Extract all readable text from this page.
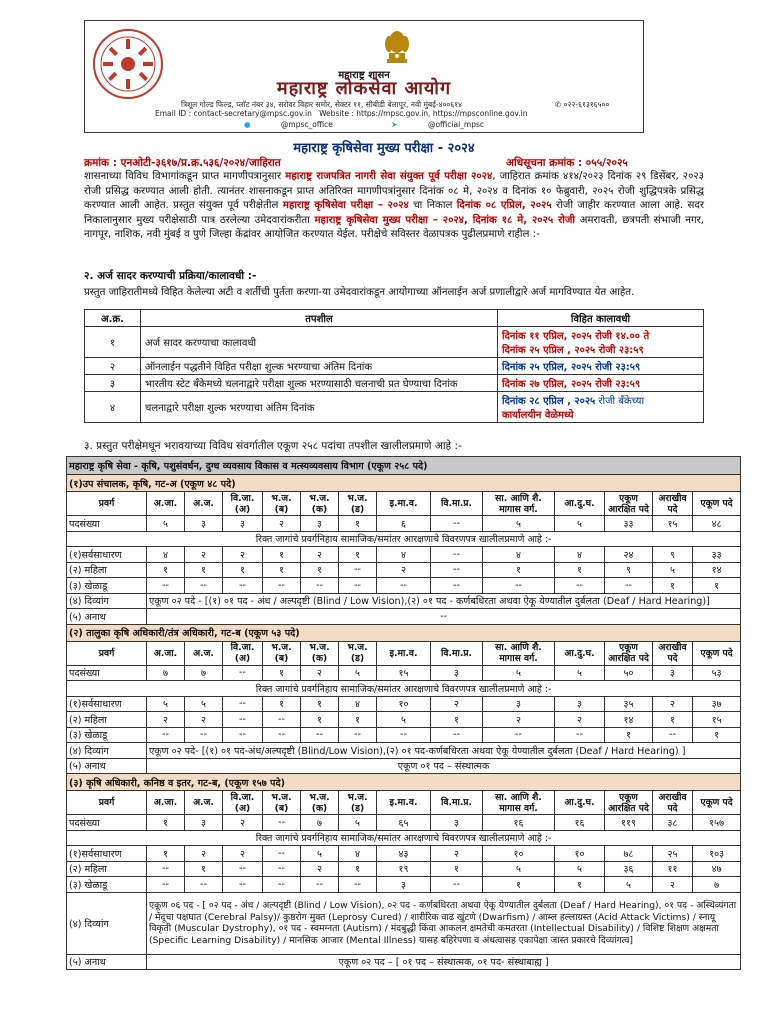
महाराष्ट्र शासन
महाराष्ट्र लोकसेवा आयोग
त्रिशूल गोल्ड फिल्ड, प्लॉट नंबर ३४, सरोवर विहार समोर, सेक्टर ११, सीबीडी बेलापूर, नवी मुंबई-४००६१४	✆ ०२२-६१३१६५००
Email ID : contact-secretary@mpsc.gov.in Website : https://mpsc.gov.in, https://mpsconline.gov.in
●	@mpsc_office	➤	@official_mpsc
महाराष्ट्र कृषिसेवा मुख्य परीक्षा - २०२४
क्रमांक : एनओटी-३६१७/प्र.क्र.५३६/२०२४/जाहिरात	अधिसूचना क्रमांक : ०५५/२०२५
शासनाच्या विविध विभागांकडून प्राप्त मागणीपत्रानुसार महाराष्ट्र राजपत्रित नागरी सेवा संयुक्त पूर्व परीक्षा २०२४, जाहिरात क्रमांक ४१४/२०२३ दिनांक २९ डिसेंबर, २०२३ रोजी प्रसिद्ध करण्यात आली होती. त्यानंतर शासनाकडून प्राप्त अतिरिक्त मागणीपत्रांनुसार दिनांक ०८ मे, २०२४ व दिनांक १० फेब्रुवारी, २०२५ रोजी शुद्धिपत्रके प्रसिद्ध करण्यात आली आहेत. प्रस्तुत संयुक्त पूर्व परीक्षेतील महाराष्ट्र कृषिसेवा परीक्षा – २०२४ चा निकाल दिनांक ०८ एप्रिल, २०२५ रोजी जाहीर करण्यात आला आहे. सदर निकालानुसार मुख्य परीक्षेसाठी पात्र ठरलेल्या उमेदवारांकरीता महाराष्ट्र कृषिसेवा मुख्य परीक्षा – २०२४, दिनांक १८ मे, २०२५ रोजी अमरावती, छत्रपती संभाजी नगर, नागपूर, नाशिक, नवी मुंबई व पुणे जिल्हा केंद्रांवर आयोजित करण्यात येईल. परीक्षेचे सविस्तर वेळापत्रक पुढीलप्रमाणे राहील :-
२. अर्ज सादर करण्याची प्रक्रिया/कालावधी :-
प्रस्तुत जाहिरातीमध्ये विहित केलेल्या अटी व शर्तीची पुर्तता करणा-या उमेदवारांकडून आयोगाच्या ऑनलाईन अर्ज प्रणालीद्वारे अर्ज मागविण्यात येत आहेत.
अ.क्र.	तपशील	विहित कालावधी
१	अर्ज सादर करण्याचा कालावधी	दिनांक ११ एप्रिल, २०२५ रोजी १४.०० ते
दिनांक २५ एप्रिल , २०२५ रोजी २३:५९

२	ऑनलाईन पद्धतीने विहित परीक्षा शुल्क भरण्याचा अंतिम दिनांक	दिनांक २५ एप्रिल, २०२५ रोजी २३:५९
३	भारतीय स्टेट बँकेमध्ये चलनाद्वारे परीक्षा शुल्क भरण्यासाठी चलनाची प्रत घेण्याचा दिनांक	दिनांक २७ एप्रिल, २०२५ रोजी २३:५९
४	चलनाद्वारे परीक्षा शुल्क भरण्याचा अंतिम दिनांक	दिनांक २८ एप्रिल , २०२५ रोजी बँकेच्या
कार्यालयीन वेळेमध्ये
३. प्रस्तुत परीक्षेमधून भरावयाच्या विविध संवर्गातील एकूण २५८ पदांचा तपशील खालीलप्रमाणे आहे :-
महाराष्ट्र कृषि सेवा - कृषि, पशुसंवर्धन, दुग्ध व्यवसाय विकास व मत्स्यव्यवसाय विभाग (एकूण २५८ पदे)													
(१)उप संचालक, कृषि, गट-अ (एकूण ४८ पदे)													
प्रवर्ग	अ.जा.	अ.ज.	वि.जा. (अ)	भ.ज. (ब)	भ.ज. (क)	भ.ज. (ड)	इ.मा.व.	वि.मा.प्र.	सा. आणि शै. मागास वर्ग.	आ.दु.घ.	एकूण आरक्षित पदे	अराखीव पदे	एकूण पदे
पदसंख्या	५	३	३	२	३	१	६	--	५	५	३३	१५	४८
रिक्त जागांचे प्रवर्गनिहाय सामाजिक/समांतर आरक्षणाचे विवरणपत्र खालीलप्रमाणे आहे :-													
(१)सर्वसाधारण	४	२	२	१	२	१	४	--	४	४	२४	९	३३
(२) महिला	१	१	१	१	१	--	२	--	१	१	९	५	१४
(३) खेळाडू	--	--	--	--	--	--	--	--	--	--	--	१	१
(४) दिव्यांग	एकूण ०२ पदे - [(१) ०१ पद - अंध / अल्पदृष्टी (Blind / Low Vision),(२) ०१ पद - कर्णबधिरता अथवा ऐकू येण्यातील दुर्बलता (Deaf / Hard Hearing)]												
(५) अनाथ	--												
(२) तालुका कृषि अधिकारी/तंत्र अधिकारी, गट-ब (एकूण ५३ पदे)													
प्रवर्ग	अ.जा.	अ.ज.	वि.जा. (अ)	भ.ज. (ब)	भ.ज. (क)	भ.ज. (ड)	इ.मा.व.	वि.मा.प्र.	सा. आणि शै. मागास वर्ग.	आ.दु.घ.	एकूण आरक्षित पदे	अराखीव पदे	एकूण पदे
पदसंख्या	७	७	--	१	२	५	१५	३	५	५	५०	३	५३
रिक्त जागांचे प्रवर्गनिहाय सामाजिक/समांतर आरक्षणाचे विवरणपत्र खालीलप्रमाणे आहे :-													
(१)सर्वसाधारण	५	५	--	१	१	४	१०	२	३	३	३५	२	३७
(२) महिला	२	२	--	--	१	१	५	१	२	२	१४	१	१५
(३) खेळाडू	--	--	--	--	--	--	--	--	--	--	१	--	१
(४) दिव्यांग	एकूण ०२ पदे- [(१) ०१ पद-अंध/अल्पदृष्टी (Blind/Low Vision),(२) ०१ पद-कर्णबधिरता अथवा ऐकू येण्यातील दुर्बलता (Deaf / Hard Hearing) ]												
(५) अनाथ	एकूण ०१ पद – संस्थात्मक												
(३) कृषि अधिकारी, कनिष्ठ व इतर, गट-ब, (एकूण १५७ पदे)													
प्रवर्ग	अ.जा.	अ.ज.	वि.जा. (अ)	भ.ज. (ब)	भ.ज. (क)	भ.ज. (ड)	इ.मा.व.	वि.मा.प्र.	सा. आणि शै. मागास वर्ग.	आ.दु.घ.	एकूण आरक्षित पदे	अराखीव पदे	एकूण पदे
पदसंख्या	१	३	२	--	७	५	६५	३	१६	१६	११९	३८	१५७
रिक्त जागांचे प्रवर्गनिहाय सामाजिक/समांतर आरक्षणाचे विवरणपत्र खालीलप्रमाणे आहे :-													
(१)सर्वसाधारण	१	२	२	--	५	४	४३	२	१०	१०	७८	२५	१०३
(२) महिला	--	१	--	--	२	१	१९	१	५	५	३६	११	४७
(३) खेळाडू	--	--	--	--	--	--	३	--	१	१	५	२	७
(४) दिव्यांग	एकूण ०६ पद - [ ०२ पद - अंध / अल्पदृष्टी (Blind / Low Vision), ०२ पद - कर्णबधिरता अथवा ऐकू येण्यातील दुर्बलता (Deaf / Hard Hearing), ०१ पद - अस्थिव्यंगता / मेंदूचा पक्षघात (Cerebral Palsy)/ कुष्ठरोग मुक्त (Leprosy Cured) / शारीरिक वाढ खुंटणे (Dwarfism) / आम्ल हल्लाग्रस्त (Acid Attack Victims) / स्नायू विकृती (Muscular Dystrophy), ०१ पद - स्वमग्नता (Autism) / मंदबुद्धी किंवा आकलन क्षमतेची कमतरता (Intellectual Disability) / विशिष्ट शिक्षण अक्षमता (Specific Learning Disability) / मानसिक आजार (Mental Illness) यासह बहिरेपणा व अंधत्वासह एकापेक्षा जास्त प्रकारचे दिव्यांगत्व]												
(५) अनाथ	एकूण ०२ पद – [ ०१ पद – संस्थात्मक, ०१ पद- संस्थाबाह्य ]												
